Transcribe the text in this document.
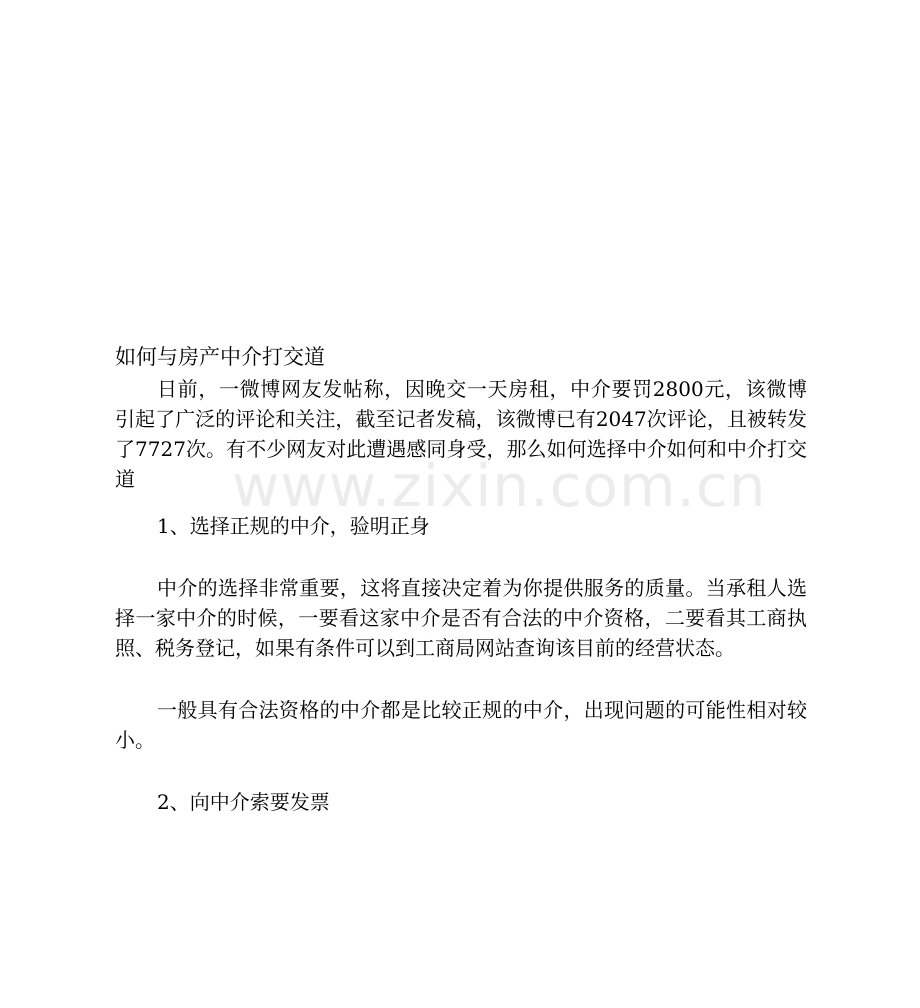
www.zixin.com.cn
如何与房产中介打交道

日前，一微博网友发帖称，因晚交一天房租，中介要罚2800元，该微博引起了广泛的评论和关注，截至记者发稿，该微博已有2047次评论，且被转发了7727次。有不少网友对此遭遇感同身受，那么如何选择中介如何和中介打交道

1、选择正规的中介，验明正身

中介的选择非常重要，这将直接决定着为你提供服务的质量。当承租人选择一家中介的时候，一要看这家中介是否有合法的中介资格，二要看其工商执照、税务登记，如果有条件可以到工商局网站查询该目前的经营状态。

一般具有合法资格的中介都是比较正规的中介，出现问题的可能性相对较小。

2、向中介索要发票
